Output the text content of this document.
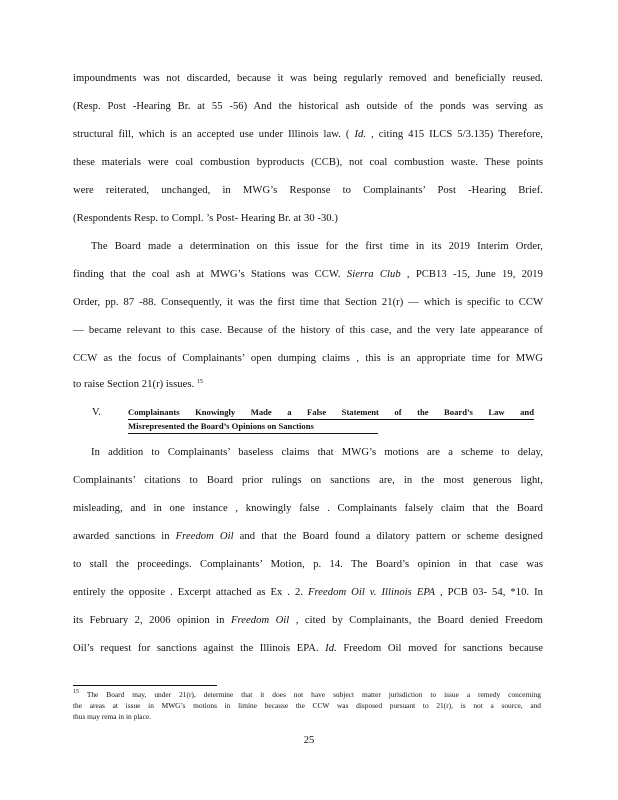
impoundments was not discarded, because it was being regularly removed and beneficially reused.
(Resp. Post -Hearing Br. at 55 -56) And the historical ash outside of the ponds was serving as
structural fill, which is an accepted use under Illinois law. ( Id. , citing 415 ILCS 5/3.135) Therefore,
these materials were coal combustion byproducts (CCB), not coal combustion waste. These points
were reiterated, unchanged, in MWG’s Response to Complainants’ Post -Hearing Brief.
(Respondents Resp. to Compl. ’s Post- Hearing Br. at 30 -30.)
The Board made a determination on this issue for the first time in its 2019 Interim Order,
finding that the coal ash at MWG’s Stations was CCW. Sierra Club , PCB13 -15, June 19, 2019
Order, pp. 87 -88. Consequently, it was the first time that Section 21(r) — which is specific to CCW
— became relevant to this case. Because of the history of this case, and the very late appearance of
CCW as the focus of Complainants’ open dumping claims , this is an appropriate time for MWG
to raise Section 21(r) issues. $^{15}$
V.	Complainants Knowingly Made a False Statement of the Board’s Law and
Misrepresented the Board’s Opinions on Sanctions
In addition to Complainants’ baseless claims that MWG’s motions are a scheme to delay,
Complainants’ citations to Board prior rulings on sanctions are, in the most generous light,
misleading, and in one instance , knowingly false . Complainants falsely claim that the Board
awarded sanctions in Freedom Oil and that the Board found a dilatory pattern or scheme designed
to stall the proceedings. Complainants’ Motion, p. 14. The Board’s opinion in that case was
entirely the opposite . Excerpt attached as Ex . 2. Freedom Oil v. Illinois EPA , PCB 03- 54, *10. In
its February 2, 2006 opinion in Freedom Oil , cited by Complainants, the Board denied Freedom
Oil’s request for sanctions against the Illinois EPA. Id. Freedom Oil moved for sanctions because
$^{15}$ The Board may, under 21(r), determine that it does not have subject matter jurisdiction to issue a remedy concerning
the areas at issue in MWG’s motions in limine because the CCW was disposed pursuant to 21(r), is not a source, and
thus may rema in in place.
25
